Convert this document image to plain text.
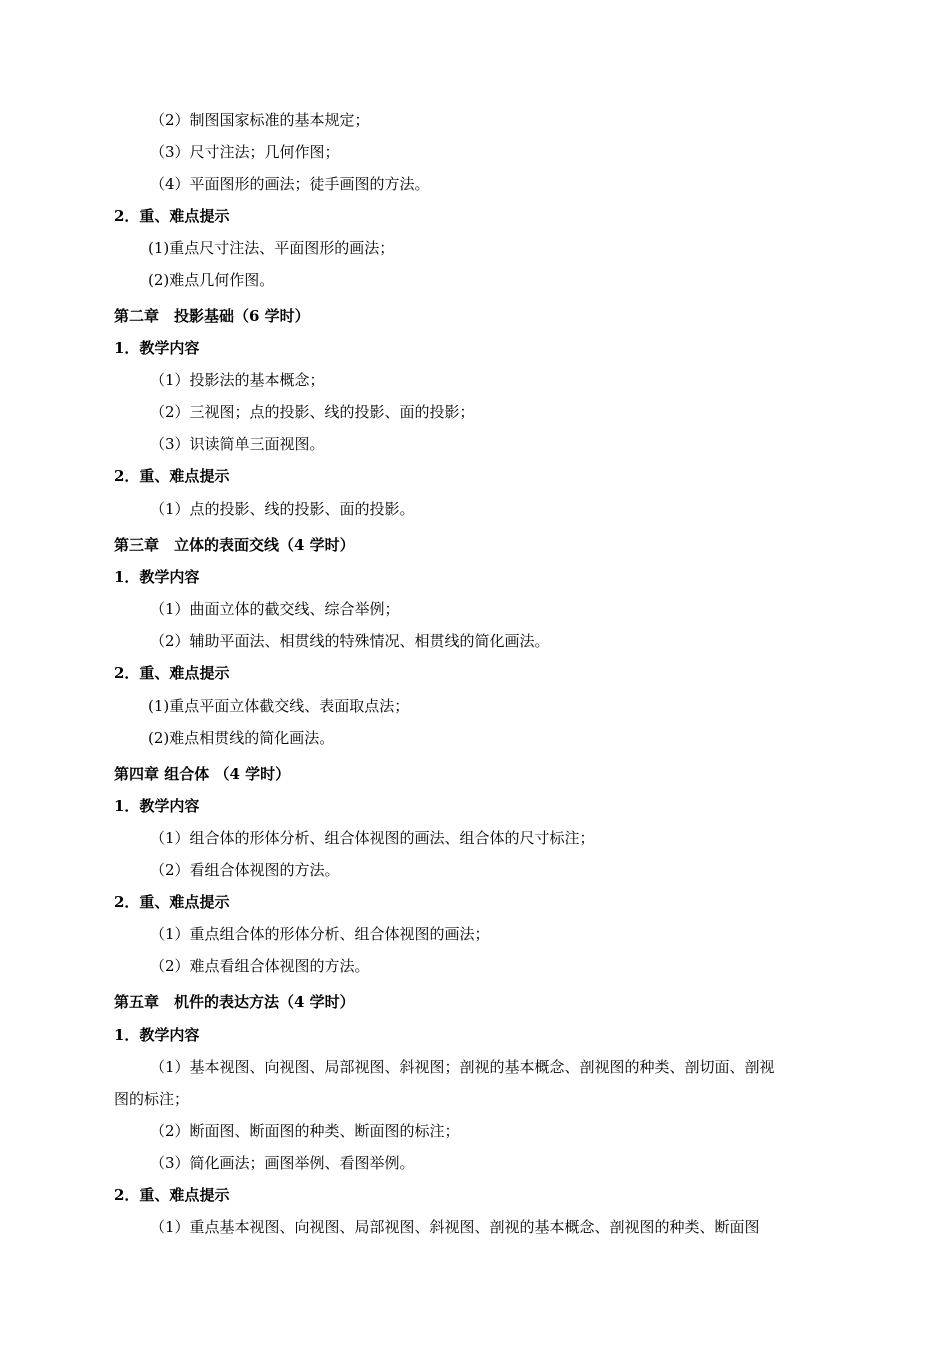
（2）制图国家标准的基本规定；
（3）尺寸注法；几何作图；
（4）平面图形的画法；徒手画图的方法。
2．重、难点提示
(1)重点尺寸注法、平面图形的画法；
(2)难点几何作图。
第二章　投影基础（6 学时）
1．教学内容
（1）投影法的基本概念；
（2）三视图；点的投影、线的投影、面的投影；
（3）识读简单三面视图。
2．重、难点提示
（1）点的投影、线的投影、面的投影。
第三章　立体的表面交线（4 学时）
1．教学内容
（1）曲面立体的截交线、综合举例；
（2）辅助平面法、相贯线的特殊情况、相贯线的简化画法。
2．重、难点提示
(1)重点平面立体截交线、表面取点法；
(2)难点相贯线的简化画法。
第四章 组合体 （4 学时）
1．教学内容
（1）组合体的形体分析、组合体视图的画法、组合体的尺寸标注；
（2）看组合体视图的方法。
2．重、难点提示
（1）重点组合体的形体分析、组合体视图的画法；
（2）难点看组合体视图的方法。
第五章　机件的表达方法（4 学时）
1．教学内容
（1）基本视图、向视图、局部视图、斜视图；剖视的基本概念、剖视图的种类、剖切面、剖视
图的标注；
（2）断面图、断面图的种类、断面图的标注；
（3）简化画法；画图举例、看图举例。
2．重、难点提示
（1）重点基本视图、向视图、局部视图、斜视图、剖视的基本概念、剖视图的种类、断面图
